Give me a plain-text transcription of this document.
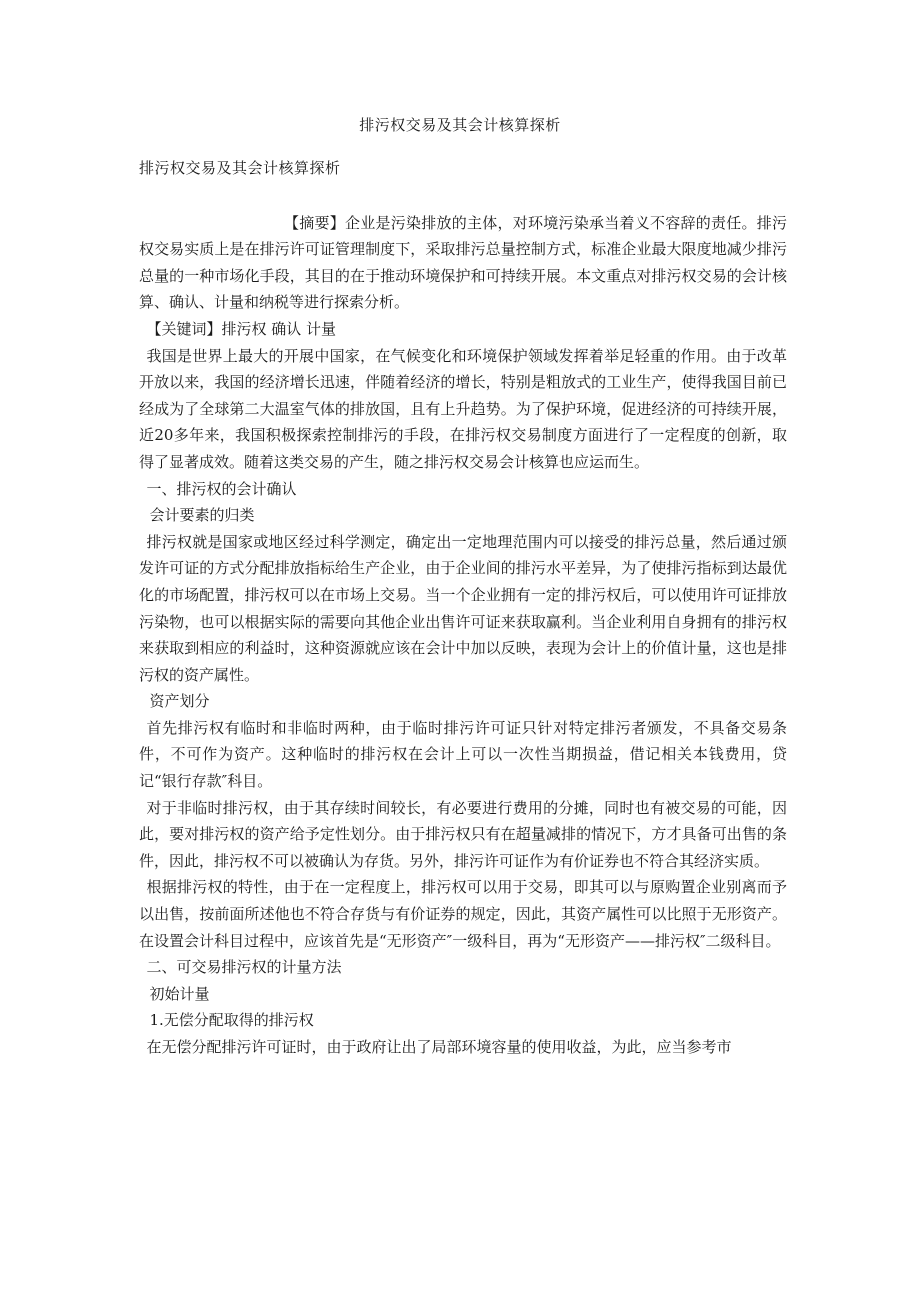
排污权交易及其会计核算探析

排污权交易及其会计核算探析

【摘要】企业是污染排放的主体，对环境污染承当着义不容辞的责任。排污权交易实质上是在排污许可证管理制度下，采取排污总量控制方式，标准企业最大限度地减少排污总量的一种市场化手段，其目的在于推动环境保护和可持续开展。本文重点对排污权交易的会计核算、确认、计量和纳税等进行探索分析。

【关键词】排污权 确认 计量

我国是世界上最大的开展中国家，在气候变化和环境保护领域发挥着举足轻重的作用。由于改革开放以来，我国的经济增长迅速，伴随着经济的增长，特别是粗放式的工业生产，使得我国目前已经成为了全球第二大温室气体的排放国，且有上升趋势。为了保护环境，促进经济的可持续开展，近20多年来，我国积极探索控制排污的手段，在排污权交易制度方面进行了一定程度的创新，取得了显著成效。随着这类交易的产生，随之排污权交易会计核算也应运而生。

一、排污权的会计确认

会计要素的归类

排污权就是国家或地区经过科学测定，确定出一定地理范围内可以接受的排污总量，然后通过颁发许可证的方式分配排放指标给生产企业，由于企业间的排污水平差异，为了使排污指标到达最优化的市场配置，排污权可以在市场上交易。当一个企业拥有一定的排污权后，可以使用许可证排放污染物，也可以根据实际的需要向其他企业出售许可证来获取赢利。当企业利用自身拥有的排污权来获取到相应的利益时，这种资源就应该在会计中加以反映，表现为会计上的价值计量，这也是排污权的资产属性。

资产划分

首先排污权有临时和非临时两种，由于临时排污许可证只针对特定排污者颁发，不具备交易条件，不可作为资产。这种临时的排污权在会计上可以一次性当期损益，借记相关本钱费用，贷记“银行存款″科目。

对于非临时排污权，由于其存续时间较长，有必要进行费用的分摊，同时也有被交易的可能，因此，要对排污权的资产给予定性划分。由于排污权只有在超量减排的情况下，方才具备可出售的条件，因此，排污权不可以被确认为存货。另外，排污许可证作为有价证券也不符合其经济实质。

根据排污权的特性，由于在一定程度上，排污权可以用于交易，即其可以与原购置企业别离而予以出售，按前面所述他也不符合存货与有价证券的规定，因此，其资产属性可以比照于无形资产。在设置会计科目过程中，应该首先是“无形资产″一级科目，再为“无形资产——排污权″二级科目。

二、可交易排污权的计量方法

初始计量

1.无偿分配取得的排污权

在无偿分配排污许可证时，由于政府让出了局部环境容量的使用收益，为此，应当参考市
